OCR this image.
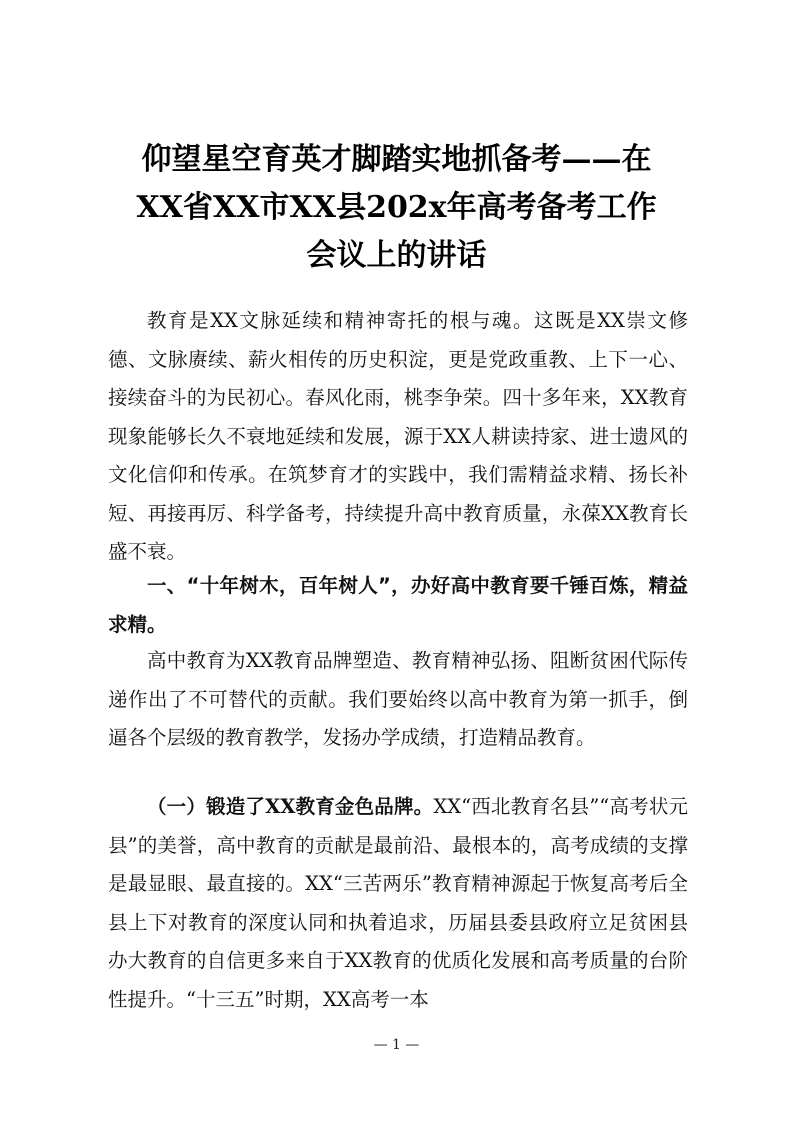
仰望星空育英才脚踏实地抓备考——在
XX省XX市XX县202x年高考备考工作
会议上的讲话
教育是XX文脉延续和精神寄托的根与魂。这既是XX崇文修德、文脉赓续、薪火相传的历史积淀，更是党政重教、上下一心、接续奋斗的为民初心。春风化雨，桃李争荣。四十多年来，XX教育现象能够长久不衰地延续和发展，源于XX人耕读持家、进士遗风的文化信仰和传承。在筑梦育才的实践中，我们需精益求精、扬长补短、再接再厉、科学备考，持续提升高中教育质量，永葆XX教育长盛不衰。
一、“十年树木，百年树人”，办好高中教育要千锤百炼，精益求精。
高中教育为XX教育品牌塑造、教育精神弘扬、阻断贫困代际传递作出了不可替代的贡献。我们要始终以高中教育为第一抓手，倒逼各个层级的教育教学，发扬办学成绩，打造精品教育。
（一）锻造了XX教育金色品牌。XX“西北教育名县”“高考状元县”的美誉，高中教育的贡献是最前沿、最根本的，高考成绩的支撑是最显眼、最直接的。XX“三苦两乐”教育精神源起于恢复高考后全县上下对教育的深度认同和执着追求，历届县委县政府立足贫困县办大教育的自信更多来自于XX教育的优质化发展和高考质量的台阶性提升。“十三五”时期，XX高考一本
— 1 —
